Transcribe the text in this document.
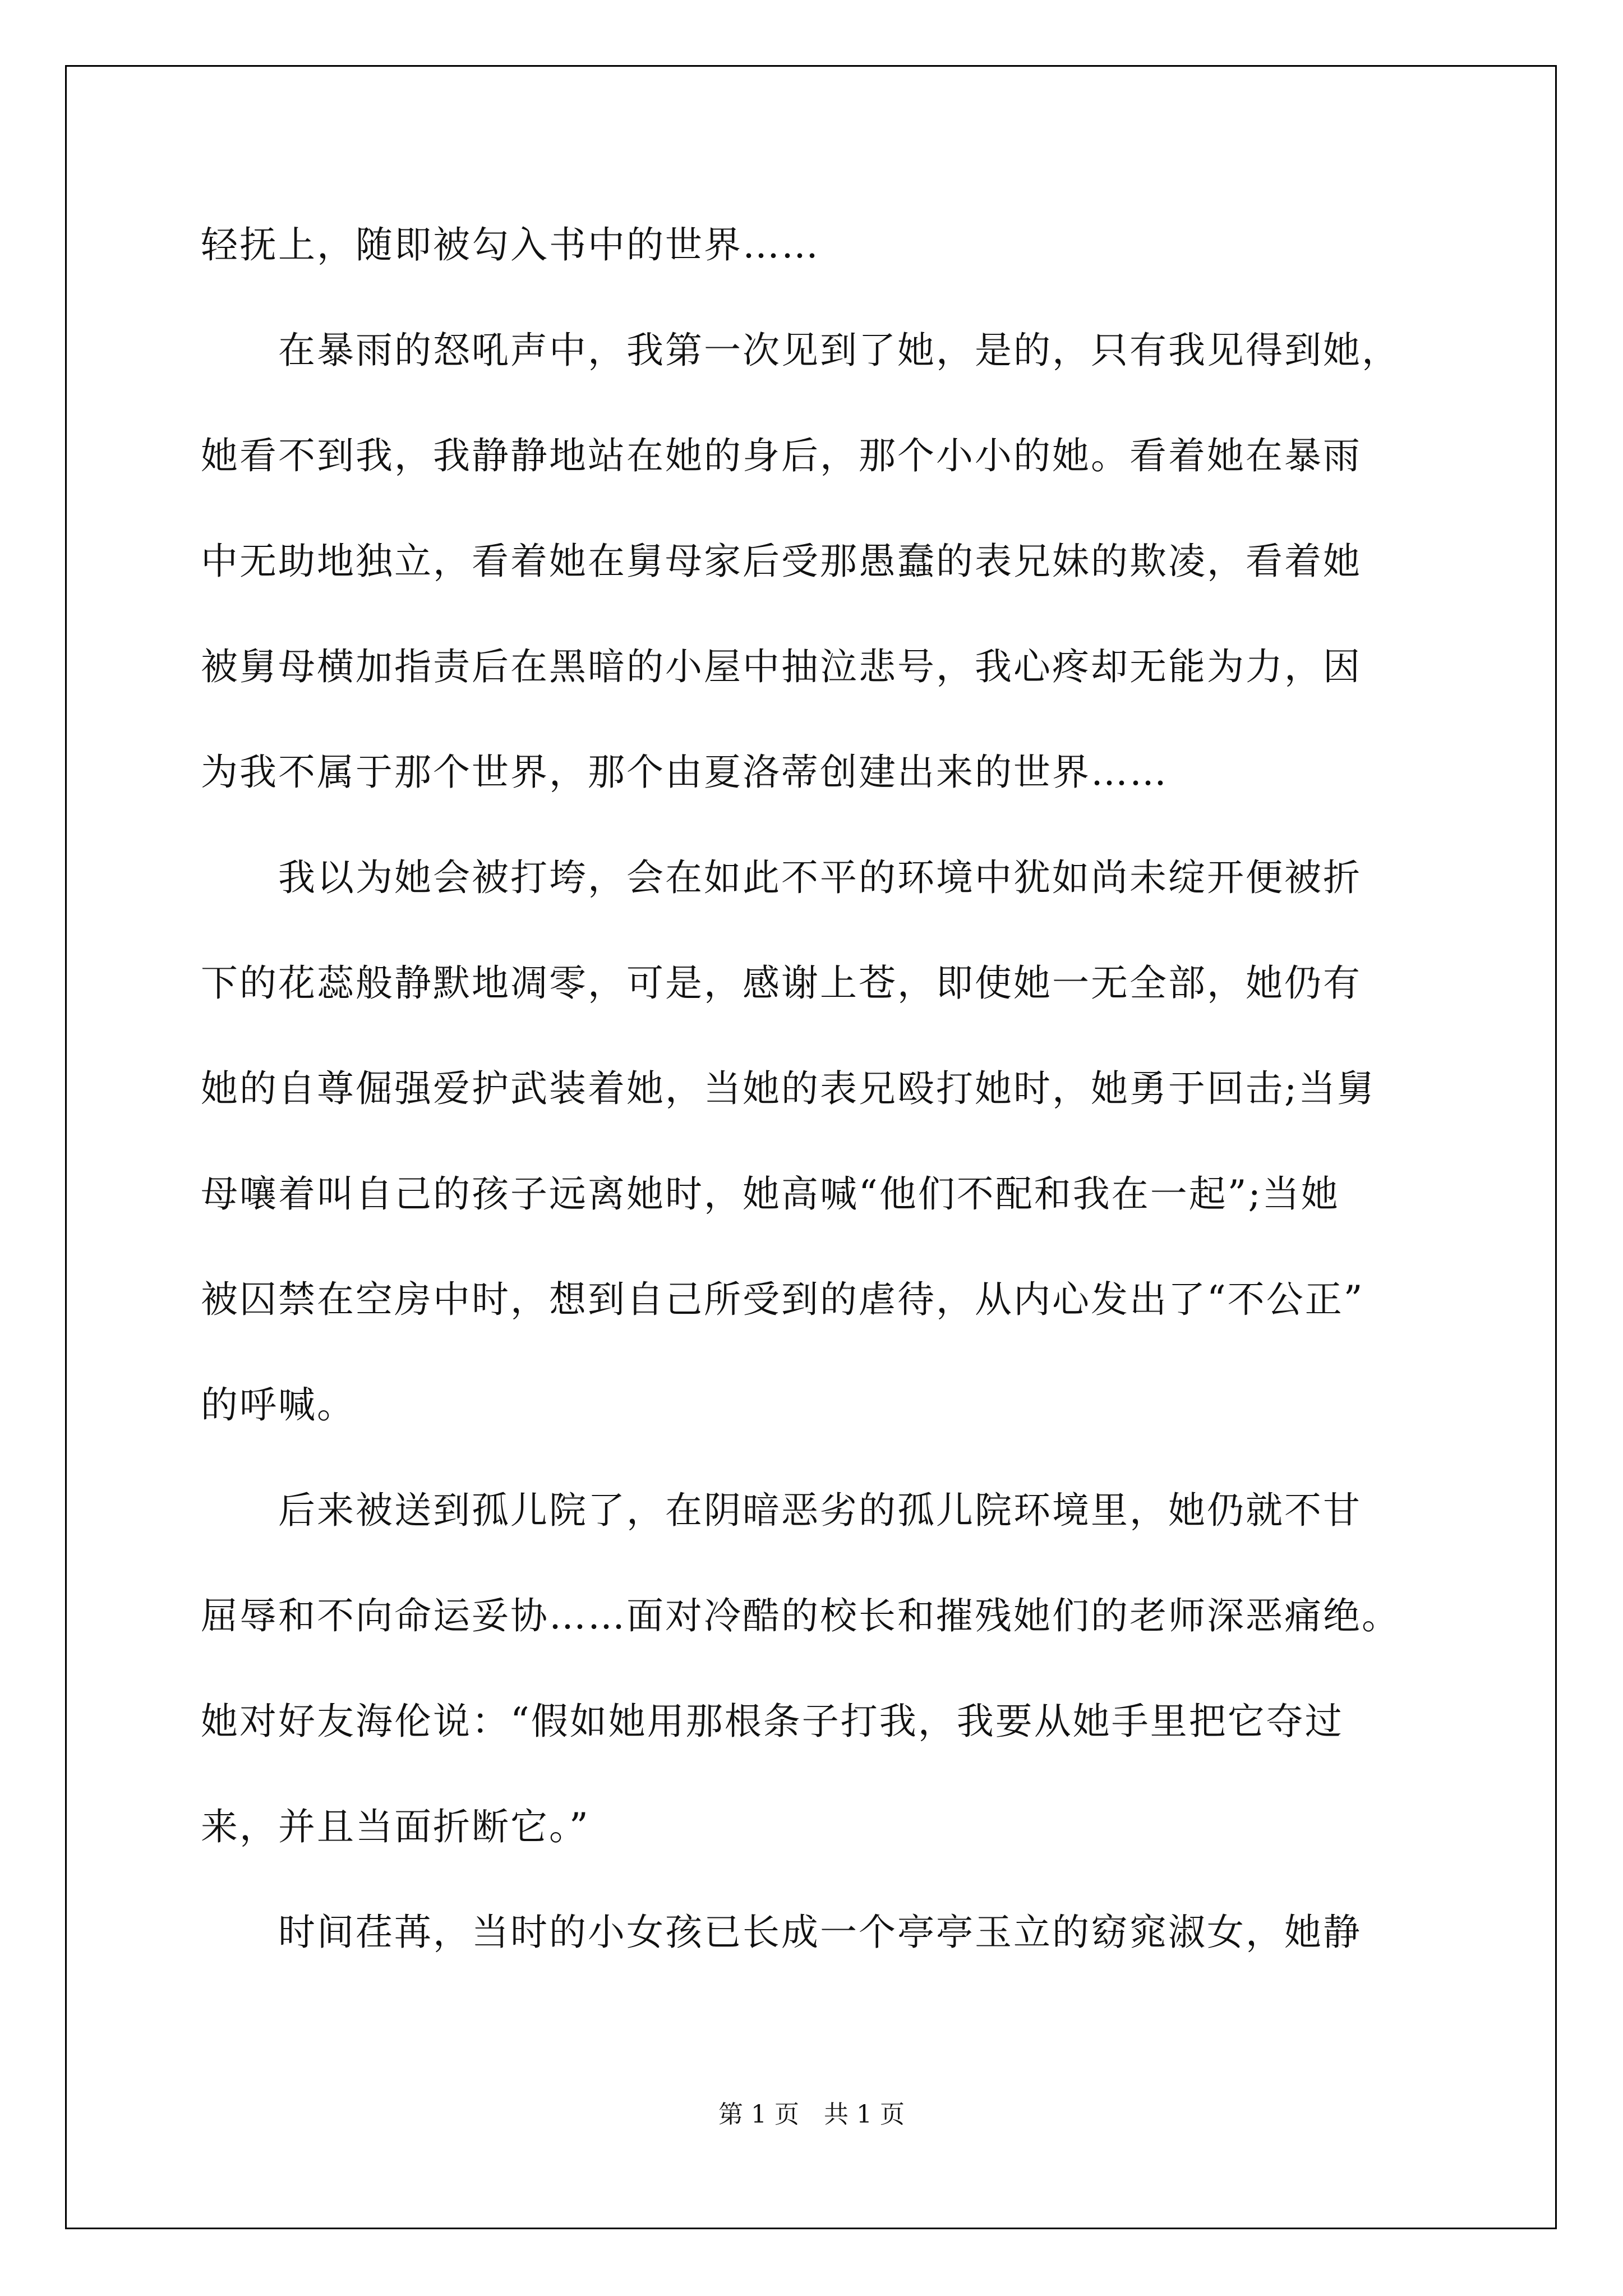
轻抚上，随即被勾入书中的世界……
　　在暴雨的怒吼声中，我第一次见到了她，是的，只有我见得到她，
她看不到我，我静静地站在她的身后，那个小小的她。看着她在暴雨
中无助地独立，看着她在舅母家后受那愚蠢的表兄妹的欺凌，看着她
被舅母横加指责后在黑暗的小屋中抽泣悲号，我心疼却无能为力，因
为我不属于那个世界，那个由夏洛蒂创建出来的世界……
　　我以为她会被打垮，会在如此不平的环境中犹如尚未绽开便被折
下的花蕊般静默地凋零，可是，感谢上苍，即使她一无全部，她仍有
她的自尊倔强爱护武装着她，当她的表兄殴打她时，她勇于回击;当舅
母嚷着叫自己的孩子远离她时，她高喊“他们不配和我在一起”;当她
被囚禁在空房中时，想到自己所受到的虐待，从内心发出了“不公正”
的呼喊。
　　后来被送到孤儿院了，在阴暗恶劣的孤儿院环境里，她仍就不甘
屈辱和不向命运妥协……面对冷酷的校长和摧残她们的老师深恶痛绝。
她对好友海伦说：“假如她用那根条子打我，我要从她手里把它夺过
来，并且当面折断它。”
　　时间荏苒，当时的小女孩已长成一个亭亭玉立的窈窕淑女，她静
第 1 页　共 1 页
